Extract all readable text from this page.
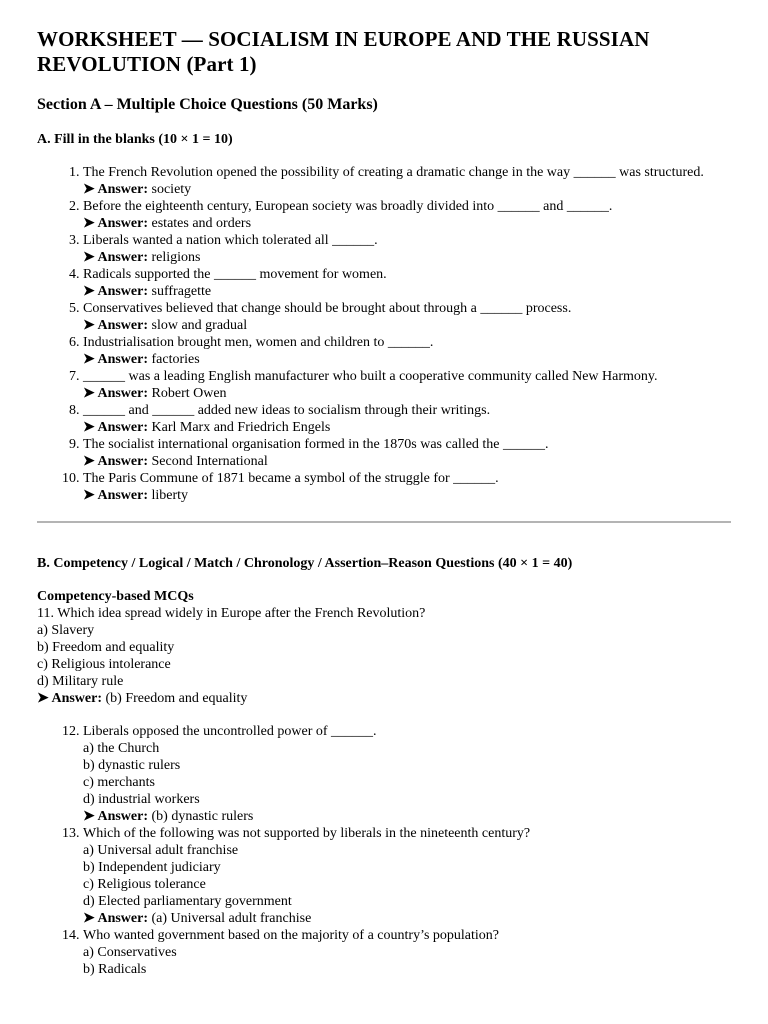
WORKSHEET — SOCIALISM IN EUROPE AND THE RUSSIAN REVOLUTION (Part 1)
Section A – Multiple Choice Questions (50 Marks)
A. Fill in the blanks (10 × 1 = 10)
1. The French Revolution opened the possibility of creating a dramatic change in the way ______ was structured.
➤ Answer: society
2. Before the eighteenth century, European society was broadly divided into ______ and ______.
➤ Answer: estates and orders
3. Liberals wanted a nation which tolerated all ______.
➤ Answer: religions
4. Radicals supported the ______ movement for women.
➤ Answer: suffragette
5. Conservatives believed that change should be brought about through a ______ process.
➤ Answer: slow and gradual
6. Industrialisation brought men, women and children to ______.
➤ Answer: factories
7. ______ was a leading English manufacturer who built a cooperative community called New Harmony.
➤ Answer: Robert Owen
8. ______ and ______ added new ideas to socialism through their writings.
➤ Answer: Karl Marx and Friedrich Engels
9. The socialist international organisation formed in the 1870s was called the ______.
➤ Answer: Second International
10. The Paris Commune of 1871 became a symbol of the struggle for ______.
➤ Answer: liberty
B. Competency / Logical / Match / Chronology / Assertion–Reason Questions (40 × 1 = 40)
Competency-based MCQs
11. Which idea spread widely in Europe after the French Revolution?
a) Slavery
b) Freedom and equality
c) Religious intolerance
d) Military rule
➤ Answer: (b) Freedom and equality
12. Liberals opposed the uncontrolled power of ______.
a) the Church
b) dynastic rulers
c) merchants
d) industrial workers
➤ Answer: (b) dynastic rulers
13. Which of the following was not supported by liberals in the nineteenth century?
a) Universal adult franchise
b) Independent judiciary
c) Religious tolerance
d) Elected parliamentary government
➤ Answer: (a) Universal adult franchise
14. Who wanted government based on the majority of a country’s population?
a) Conservatives
b) Radicals
